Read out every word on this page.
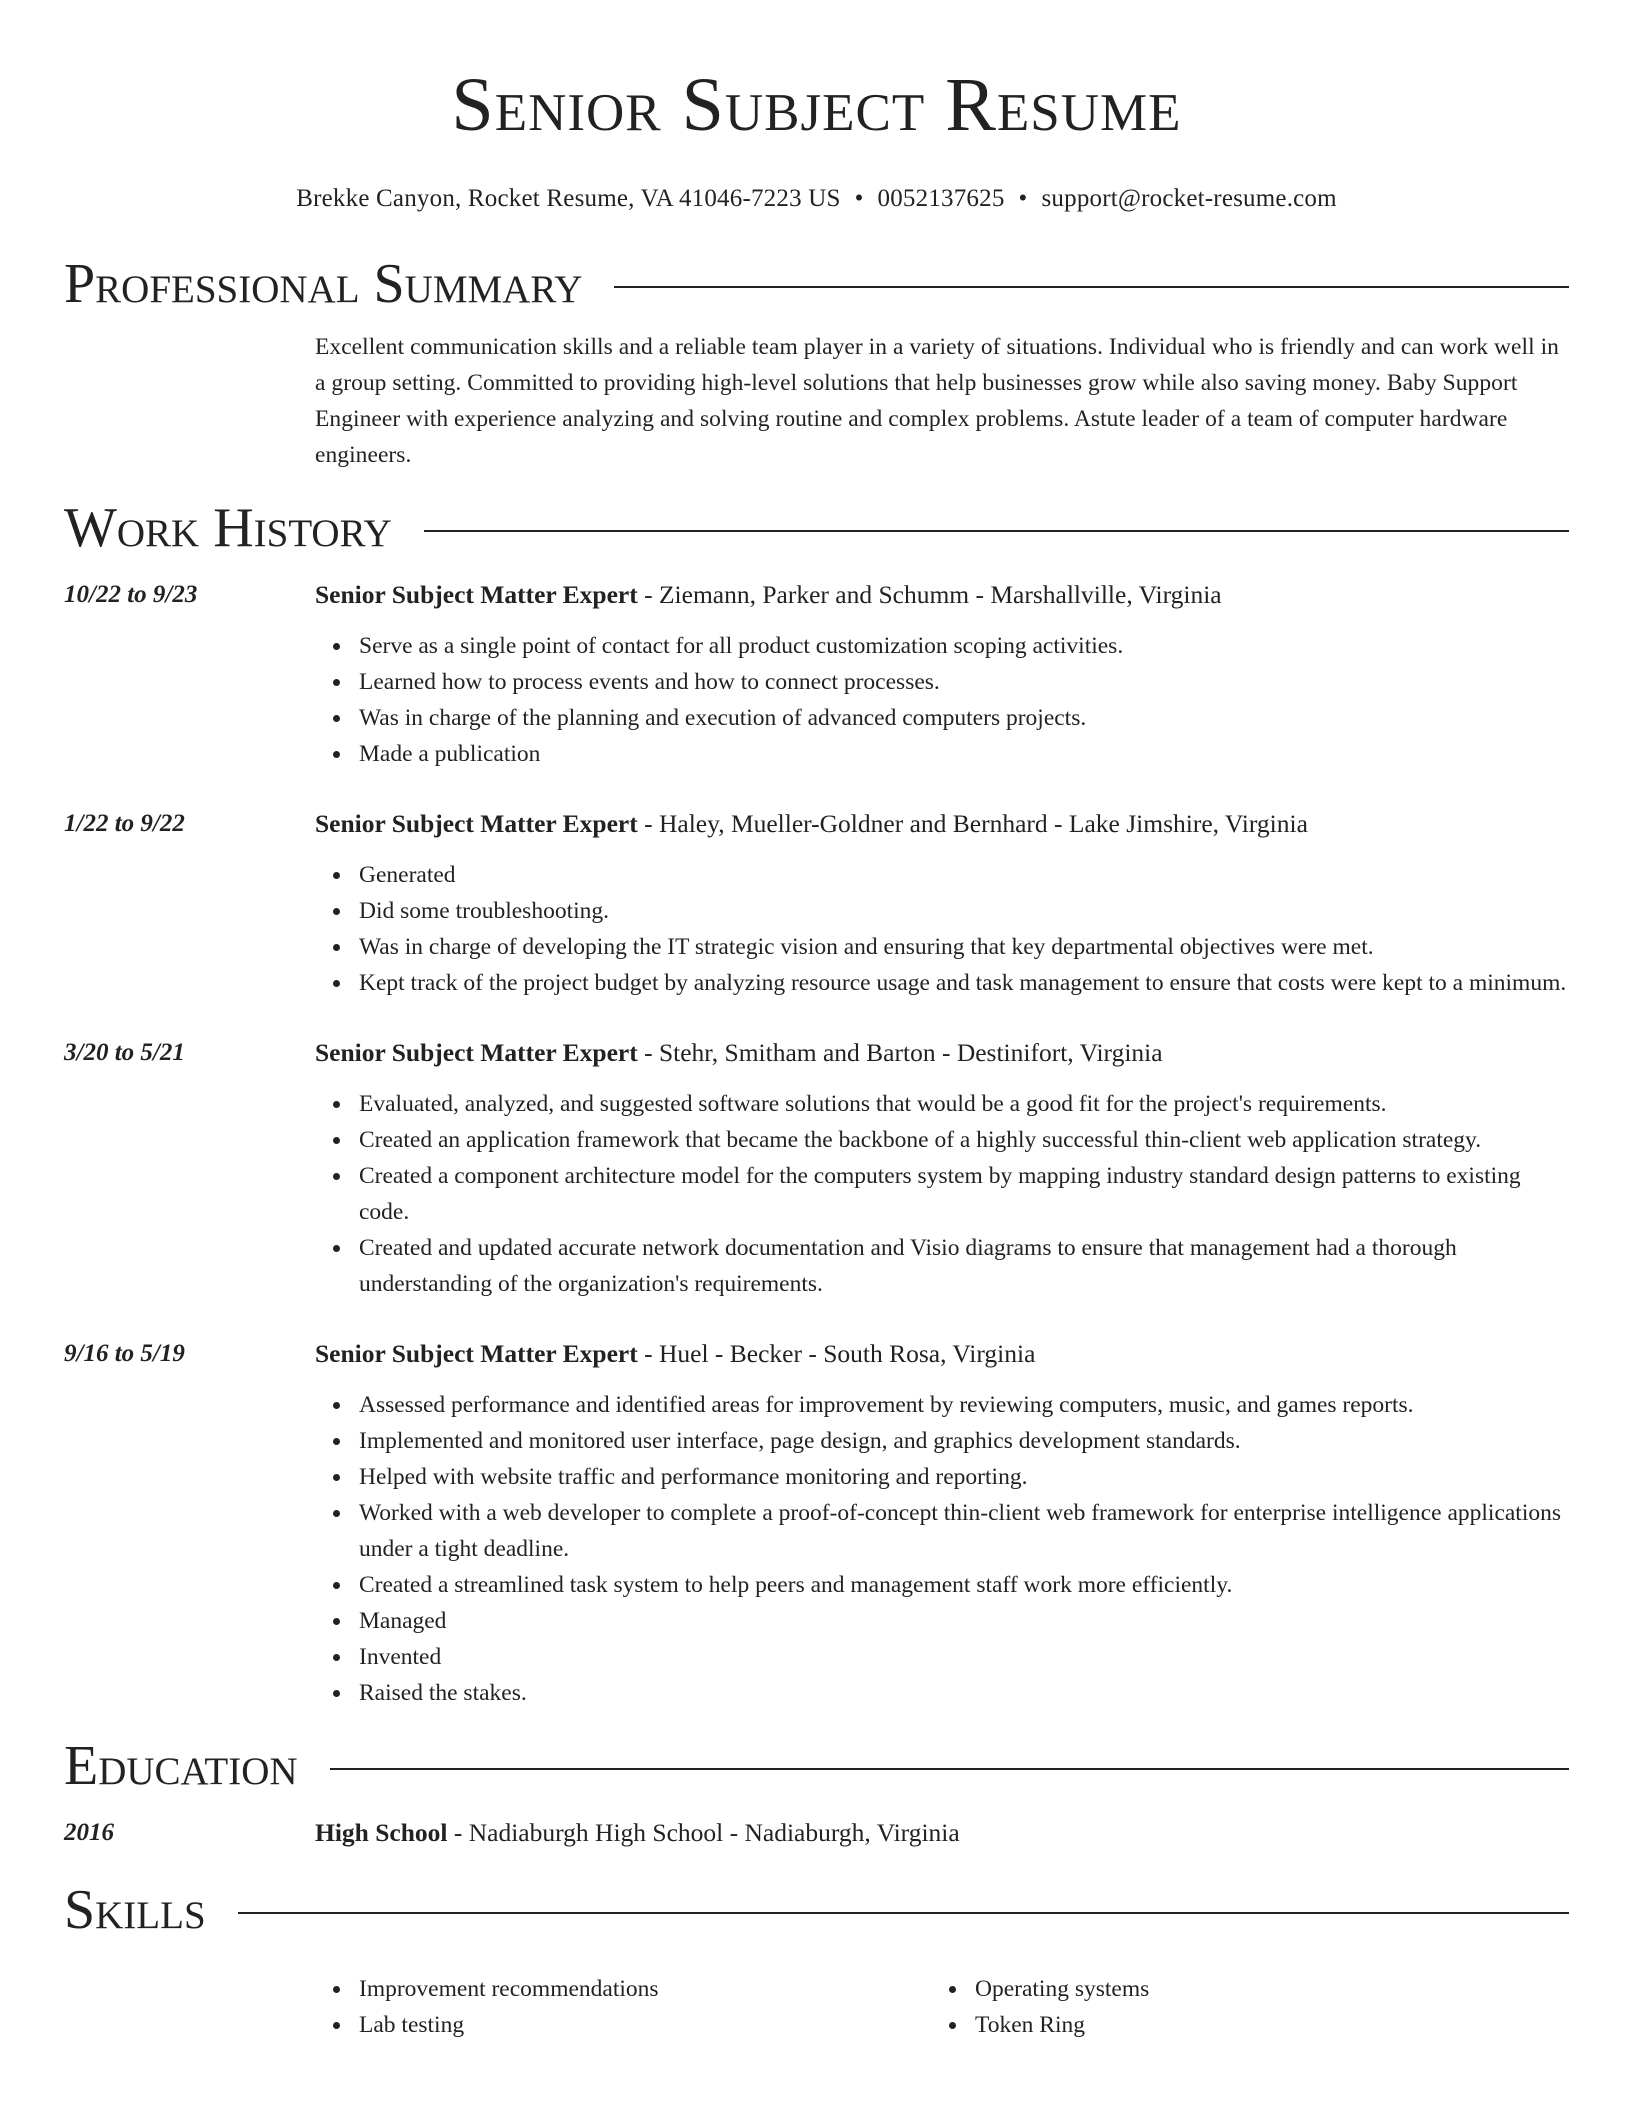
Senior Subject Resume
Brekke Canyon, Rocket Resume, VA 41046-7223 US • 0052137625 • support@rocket-resume.com
Professional Summary

Excellent communication skills and a reliable team player in a variety of situations. Individual who is friendly and can work well in a group setting. Committed to providing high-level solutions that help businesses grow while also saving money. Baby Support Engineer with experience analyzing and solving routine and complex problems. Astute leader of a team of computer hardware engineers.

Work History
10/22 to 9/23	Senior Subject Matter Expert - Ziemann, Parker and Schumm - Marshallville, Virginia
Serve as a single point of contact for all product customization scoping activities.
Learned how to process events and how to connect processes.
Was in charge of the planning and execution of advanced computers projects.
Made a publication
1/22 to 9/22	Senior Subject Matter Expert - Haley, Mueller-Goldner and Bernhard - Lake Jimshire, Virginia
Generated
Did some troubleshooting.
Was in charge of developing the IT strategic vision and ensuring that key departmental objectives were met.
Kept track of the project budget by analyzing resource usage and task management to ensure that costs were kept to a minimum.
3/20 to 5/21	Senior Subject Matter Expert - Stehr, Smitham and Barton - Destinifort, Virginia
Evaluated, analyzed, and suggested software solutions that would be a good fit for the project's requirements.
Created an application framework that became the backbone of a highly successful thin-client web application strategy.
Created a component architecture model for the computers system by mapping industry standard design patterns to existing code.
Created and updated accurate network documentation and Visio diagrams to ensure that management had a thorough understanding of the organization's requirements.
9/16 to 5/19	Senior Subject Matter Expert - Huel - Becker - South Rosa, Virginia
Assessed performance and identified areas for improvement by reviewing computers, music, and games reports.
Implemented and monitored user interface, page design, and graphics development standards.
Helped with website traffic and performance monitoring and reporting.
Worked with a web developer to complete a proof-of-concept thin-client web framework for enterprise intelligence applications under a tight deadline.
Created a streamlined task system to help peers and management staff work more efficiently.
Managed
Invented
Raised the stakes.
Education
2016	High School - Nadiaburgh High School - Nadiaburgh, Virginia
Skills
Improvement recommendations
Lab testing
Operating systems
Token Ring
